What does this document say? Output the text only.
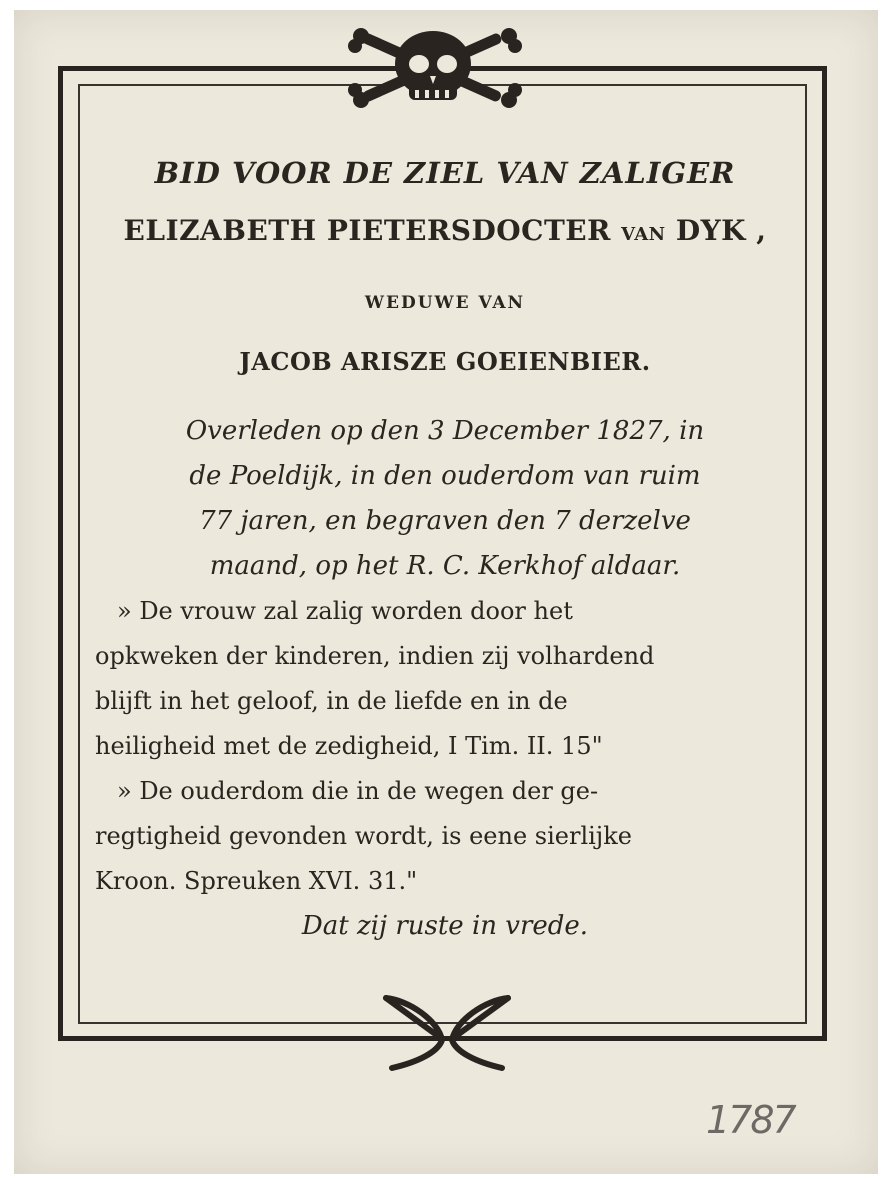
BID VOOR DE ZIEL VAN ZALIGER

ELIZABETH PIETERSDOCTER VAN DYK ,

WEDUWE VAN

JACOB ARISZE GOEIENBIER.

Overleden op den 3 December 1827, in

de Poeldijk, in den ouderdom van ruim

77 jaren, en begraven den 7 derzelve

maand, op het R. C. Kerkhof aldaar.

» De vrouw zal zalig worden door het

opkweken der kinderen, indien zij volhardend

blijft in het geloof, in de liefde en in de

heiligheid met de zedigheid, I Tim. II. 15"

» De ouderdom die in de wegen der ge-

regtigheid gevonden wordt, is eene sierlijke

Kroon. Spreuken XVI. 31."

Dat zij ruste in vrede.

1787
